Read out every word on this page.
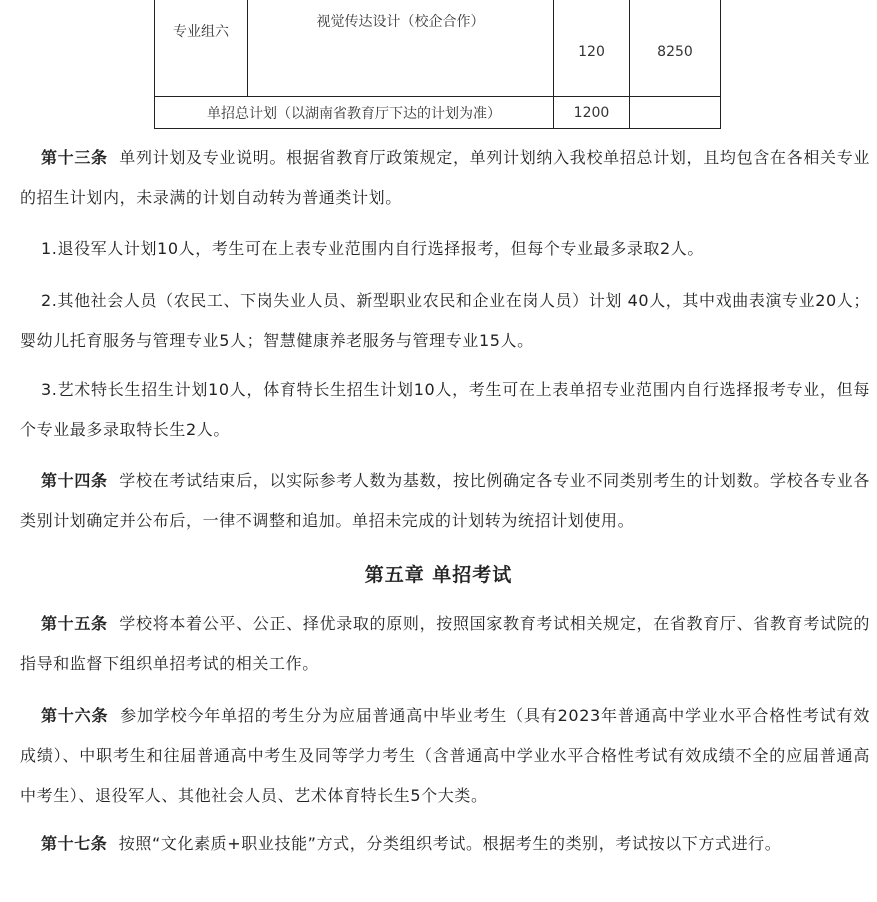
专业组六	视觉传达设计（校企合作）	120	8250
单招总计划（以湖南省教育厅下达的计划为准）		1200	

第十三条 单列计划及专业说明。根据省教育厅政策规定，单列计划纳入我校单招总计划，且均包含在各相关专业的招生计划内，未录满的计划自动转为普通类计划。

1.退役军人计划10人，考生可在上表专业范围内自行选择报考，但每个专业最多录取2人。

2.其他社会人员（农民工、下岗失业人员、新型职业农民和企业在岗人员）计划 40人，其中戏曲表演专业20人；婴幼儿托育服务与管理专业5人；智慧健康养老服务与管理专业15人。

3.艺术特长生招生计划10人，体育特长生招生计划10人，考生可在上表单招专业范围内自行选择报考专业，但每个专业最多录取特长生2人。

第十四条 学校在考试结束后，以实际参考人数为基数，按比例确定各专业不同类别考生的计划数。学校各专业各类别计划确定并公布后，一律不调整和追加。单招未完成的计划转为统招计划使用。

第五章 单招考试

第十五条 学校将本着公平、公正、择优录取的原则，按照国家教育考试相关规定，在省教育厅、省教育考试院的指导和监督下组织单招考试的相关工作。

第十六条 参加学校今年单招的考生分为应届普通高中毕业考生（具有2023年普通高中学业水平合格性考试有效成绩）、中职考生和往届普通高中考生及同等学力考生（含普通高中学业水平合格性考试有效成绩不全的应届普通高中考生）、退役军人、其他社会人员、艺术体育特长生5个大类。

第十七条 按照“文化素质+职业技能”方式，分类组织考试。根据考生的类别，考试按以下方式进行。
